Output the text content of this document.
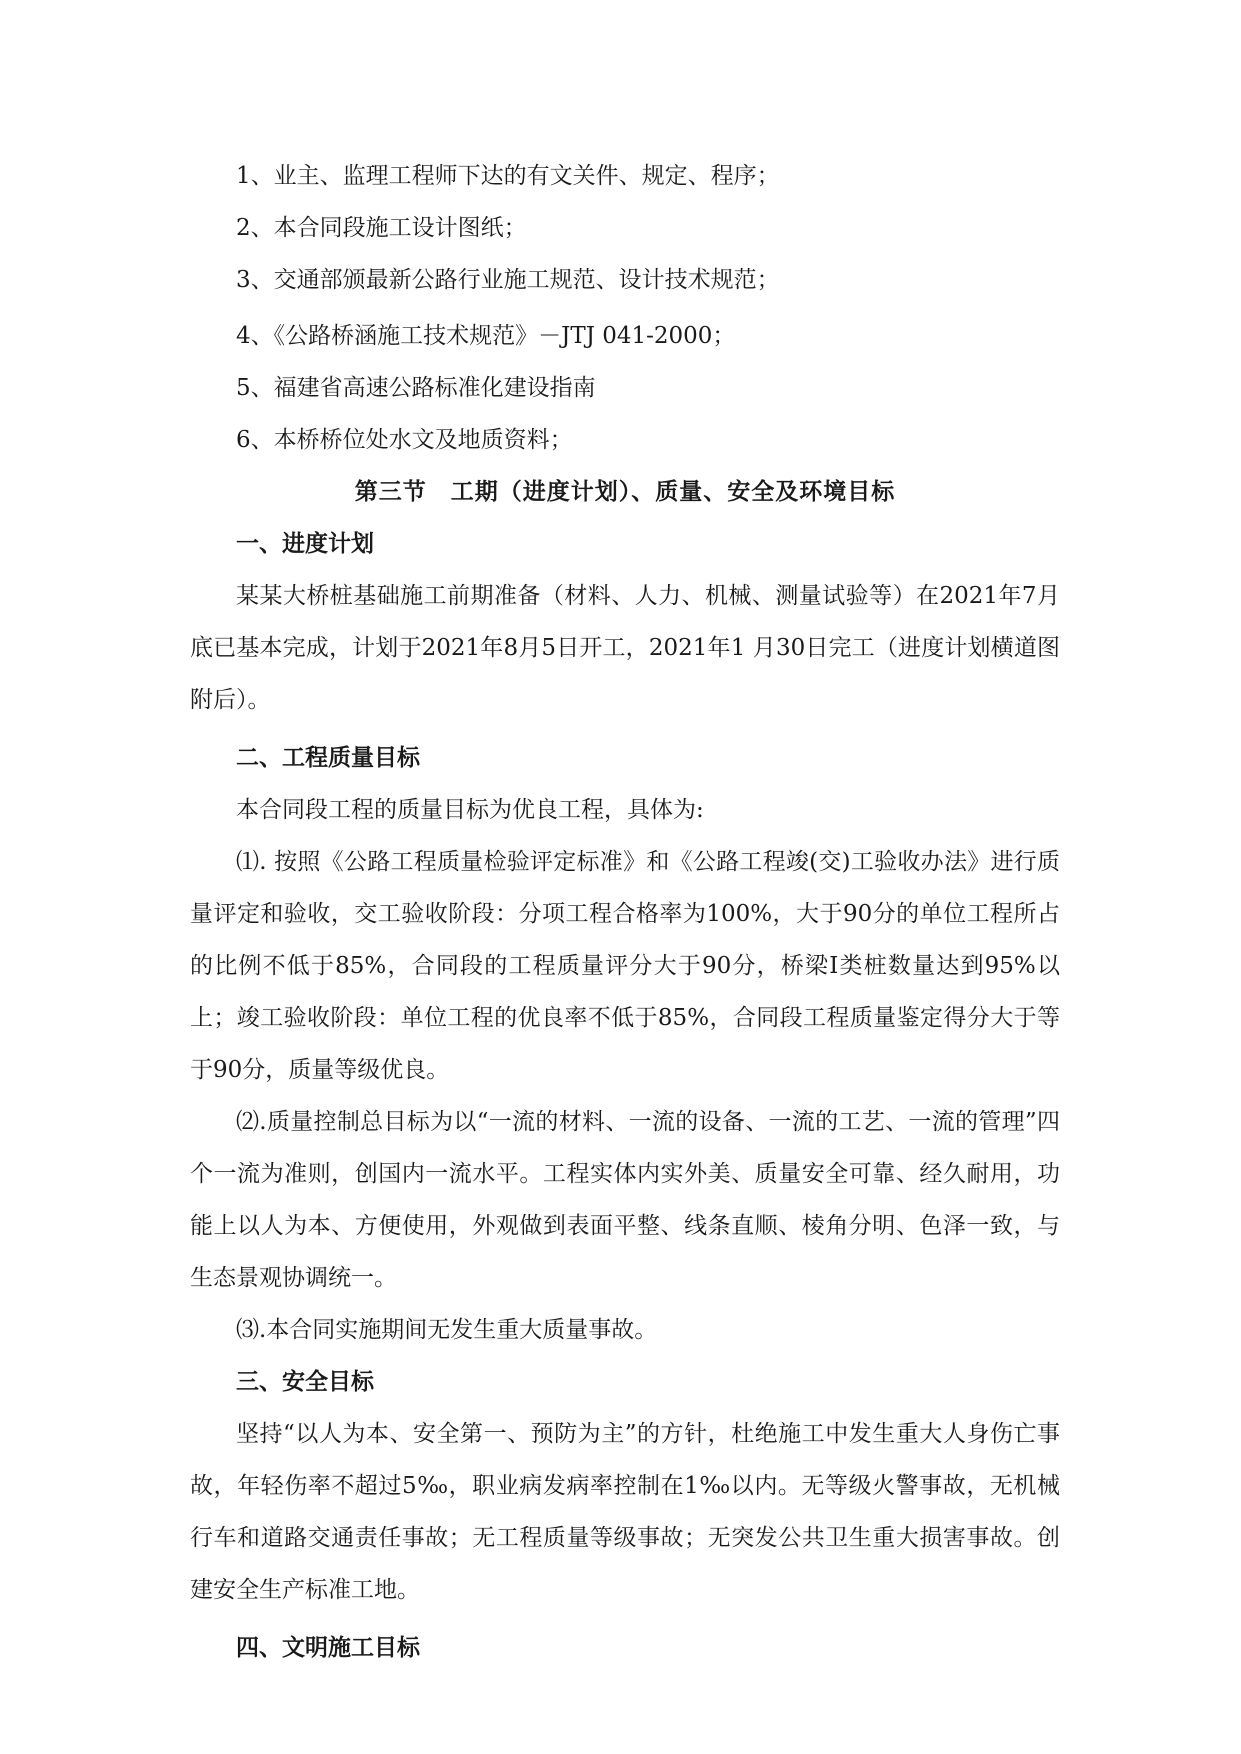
1、业主、监理工程师下达的有文关件、规定、程序；

2、本合同段施工设计图纸；

3、交通部颁最新公路行业施工规范、设计技术规范；

4、《公路桥涵施工技术规范》－JTJ 041-2000；

5、福建省高速公路标准化建设指南

6、本桥桥位处水文及地质资料；

第三节　工期（进度计划）、质量、安全及环境目标

一、进度计划

某某大桥桩基础施工前期准备（材料、人力、机械、测量试验等）在2021年7月底已基本完成，计划于2021年8月5日开工，2021年1 月30日完工（进度计划横道图附后）。

二、工程质量目标

本合同段工程的质量目标为优良工程，具体为:

⑴. 按照《公路工程质量检验评定标准》和《公路工程竣(交)工验收办法》进行质量评定和验收，交工验收阶段：分项工程合格率为100%，大于90分的单位工程所占的比例不低于85%，合同段的工程质量评分大于90分，桥梁Ⅰ类桩数量达到95%以上；竣工验收阶段：单位工程的优良率不低于85%，合同段工程质量鉴定得分大于等于90分，质量等级优良。

⑵.质量控制总目标为以“一流的材料、一流的设备、一流的工艺、一流的管理”四个一流为准则，创国内一流水平。工程实体内实外美、质量安全可靠、经久耐用，功能上以人为本、方便使用，外观做到表面平整、线条直顺、棱角分明、色泽一致，与生态景观协调统一。

⑶.本合同实施期间无发生重大质量事故。

三、安全目标

坚持“以人为本、安全第一、预防为主”的方针，杜绝施工中发生重大人身伤亡事故，年轻伤率不超过5‰，职业病发病率控制在1‰以内。无等级火警事故，无机械行车和道路交通责任事故；无工程质量等级事故；无突发公共卫生重大损害事故。创建安全生产标准工地。

四、文明施工目标
